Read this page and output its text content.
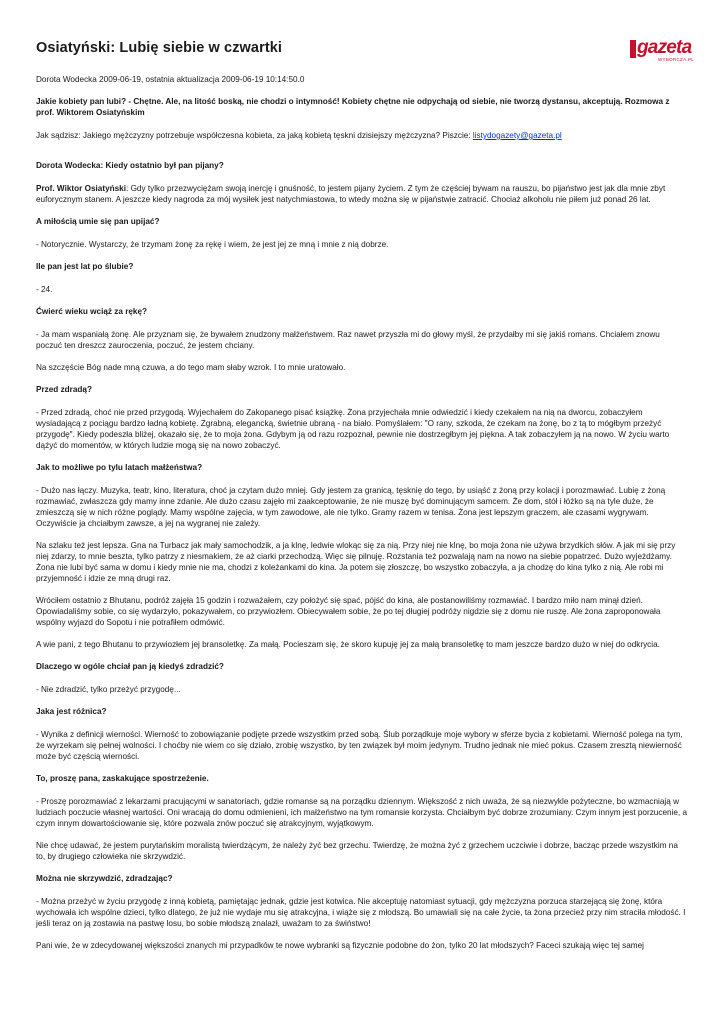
Osiatyński: Lubię siebie w czwartki	gazeta
WYBORCZA.PL
Dorota Wodecka 2009-06-19, ostatnia aktualizacja 2009-06-19 10:14:50.0

Jakie kobiety pan lubi? - Chętne. Ale, na litość boską, nie chodzi o intymność! Kobiety chętne nie odpychają od siebie, nie tworzą dystansu, akceptują. Rozmowa z prof. Wiktorem Osiatyńskim

Jak sądzisz: Jakiego mężczyzny potrzebuje współczesna kobieta, za jaką kobietą tęskni dzisiejszy mężczyzna? Piszcie: listydogazety@gazeta.pl

Dorota Wodecka: Kiedy ostatnio był pan pijany?

Prof. Wiktor Osiatyński: Gdy tylko przezwyciężam swoją inercję i gnuśność, to jestem pijany życiem. Z tym że częściej bywam na rauszu, bo pijaństwo jest jak dla mnie zbyt euforycznym stanem. A jeszcze kiedy nagroda za mój wysiłek jest natychmiastowa, to wtedy można się w pijaństwie zatracić. Chociaż alkoholu nie piłem już ponad 26 lat.

A miłością umie się pan upijać?

- Notorycznie. Wystarczy, że trzymam żonę za rękę i wiem, że jest jej ze mną i mnie z nią dobrze.

Ile pan jest lat po ślubie?

- 24.

Ćwierć wieku wciąż za rękę?

- Ja mam wspaniałą żonę. Ale przyznam się, że bywałem znudzony małżeństwem. Raz nawet przyszła mi do głowy myśl, że przydałby mi się jakiś romans. Chciałem znowu poczuć ten dreszcz zauroczenia, poczuć, że jestem chciany.

Na szczęście Bóg nade mną czuwa, a do tego mam słaby wzrok. I to mnie uratowało.

Przed zdradą?

- Przed zdradą, choć nie przed przygodą. Wyjechałem do Zakopanego pisać książkę. Żona przyjechała mnie odwiedzić i kiedy czekałem na nią na dworcu, zobaczyłem wysiadającą z pociągu bardzo ładną kobietę. Zgrabną, elegancką, świetnie ubraną - na biało. Pomyślałem: "O rany, szkoda, że czekam na żonę, bo z tą to mógłbym przeżyć przygodę". Kiedy podeszła bliżej, okazało się, że to moja żona. Gdybym ją od razu rozpoznał, pewnie nie dostrzegłbym jej piękna. A tak zobaczyłem ją na nowo. W życiu warto dążyć do momentów, w których ludzie mogą się na nowo zobaczyć.

Jak to możliwe po tylu latach małżeństwa?

- Dużo nas łączy. Muzyka, teatr, kino, literatura, choć ja czytam dużo mniej. Gdy jestem za granicą, tęsknię do tego, by usiąść z żoną przy kolacji i porozmawiać. Lubię z żoną rozmawiać, zwłaszcza gdy mamy inne zdanie. Ale dużo czasu zajęło mi zaakceptowanie, że nie muszę być dominującym samcem. Że dom, stół i łóżko są na tyle duże, że zmieszczą się w nich różne poglądy. Mamy wspólne zajęcia, w tym zawodowe, ale nie tylko. Gramy razem w tenisa. Żona jest lepszym graczem, ale czasami wygrywam. Oczywiście ja chciałbym zawsze, a jej na wygranej nie zależy.

Na szlaku też jest lepsza. Gna na Turbacz jak mały samochodzik, a ja klnę, ledwie wlokąc się za nią. Przy niej nie klnę, bo moja żona nie używa brzydkich słów. A jak mi się przy niej zdarzy, to mnie beszta, tylko patrzy z niesmakiem, że aż ciarki przechodzą. Więc się pilnuję. Rozstania też pozwalają nam na nowo na siebie popatrzeć. Dużo wyjeżdżamy. Żona nie lubi być sama w domu i kiedy mnie nie ma, chodzi z koleżankami do kina. Ja potem się złoszczę, bo wszystko zobaczyła, a ja chodzę do kina tylko z nią. Ale robi mi przyjemność i idzie ze mną drugi raz.

Wróciłem ostatnio z Bhutanu, podróż zajęła 15 godzin i rozważałem, czy położyć się spać, pójść do kina, ale postanowiliśmy rozmawiać. I bardzo miło nam minął dzień. Opowiadaliśmy sobie, co się wydarzyło, pokazywałem, co przywiozłem. Obiecywałem sobie, że po tej długiej podróży nigdzie się z domu nie ruszę. Ale żona zaproponowała wspólny wyjazd do Sopotu i nie potrafiłem odmówić.

A wie pani, z tego Bhutanu to przywiozłem jej bransoletkę. Za małą. Pocieszam się, że skoro kupuję jej za małą bransoletkę to mam jeszcze bardzo dużo w niej do odkrycia.

Dlaczego w ogóle chciał pan ją kiedyś zdradzić?

- Nie zdradzić, tylko przeżyć przygodę...

Jaka jest różnica?

- Wynika z definicji wierności. Wierność to zobowiązanie podjęte przede wszystkim przed sobą. Ślub porządkuje moje wybory w sferze bycia z kobietami. Wierność polega na tym, że wyrzekam się pełnej wolności. I choćby nie wiem co się działo, zrobię wszystko, by ten związek był moim jedynym. Trudno jednak nie mieć pokus. Czasem zresztą niewierność może być częścią wierności.

To, proszę pana, zaskakujące spostrzeżenie.

- Proszę porozmawiać z lekarzami pracującymi w sanatoriach, gdzie romanse są na porządku dziennym. Większość z nich uważa, że są niezwykle pożyteczne, bo wzmacniają w ludziach poczucie własnej wartości. Oni wracają do domu odmienieni, ich małżeństwo na tym romansie korzysta. Chciałbym być dobrze zrozumiany. Czym innym jest porzucenie, a czym innym dowartościowanie się, które pozwala znów poczuć się atrakcyjnym, wyjątkowym.

Nie chcę udawać, że jestem purytańskim moralistą twierdzącym, że należy żyć bez grzechu. Twierdzę, że można żyć z grzechem uczciwie i dobrze, bacząc przede wszystkim na to, by drugiego człowieka nie skrzywdzić.

Można nie skrzywdzić, zdradzając?

- Można przeżyć w życiu przygodę z inną kobietą, pamiętając jednak, gdzie jest kotwica. Nie akceptuję natomiast sytuacji, gdy mężczyzna porzuca starzejącą się żonę, która wychowała ich wspólne dzieci, tylko dlatego, że już nie wydaje mu się atrakcyjna, i wiąże się z młodszą. Bo umawiali się na całe życie, ta żona przecież przy nim straciła młodość. I jeśli teraz on ją zostawia na pastwę losu, bo sobie młodszą znalazł, uważam to za świństwo!

Pani wie, że w zdecydowanej większości znanych mi przypadków te nowe wybranki są fizycznie podobne do żon, tylko 20 lat młodszych? Faceci szukają więc tej samej
